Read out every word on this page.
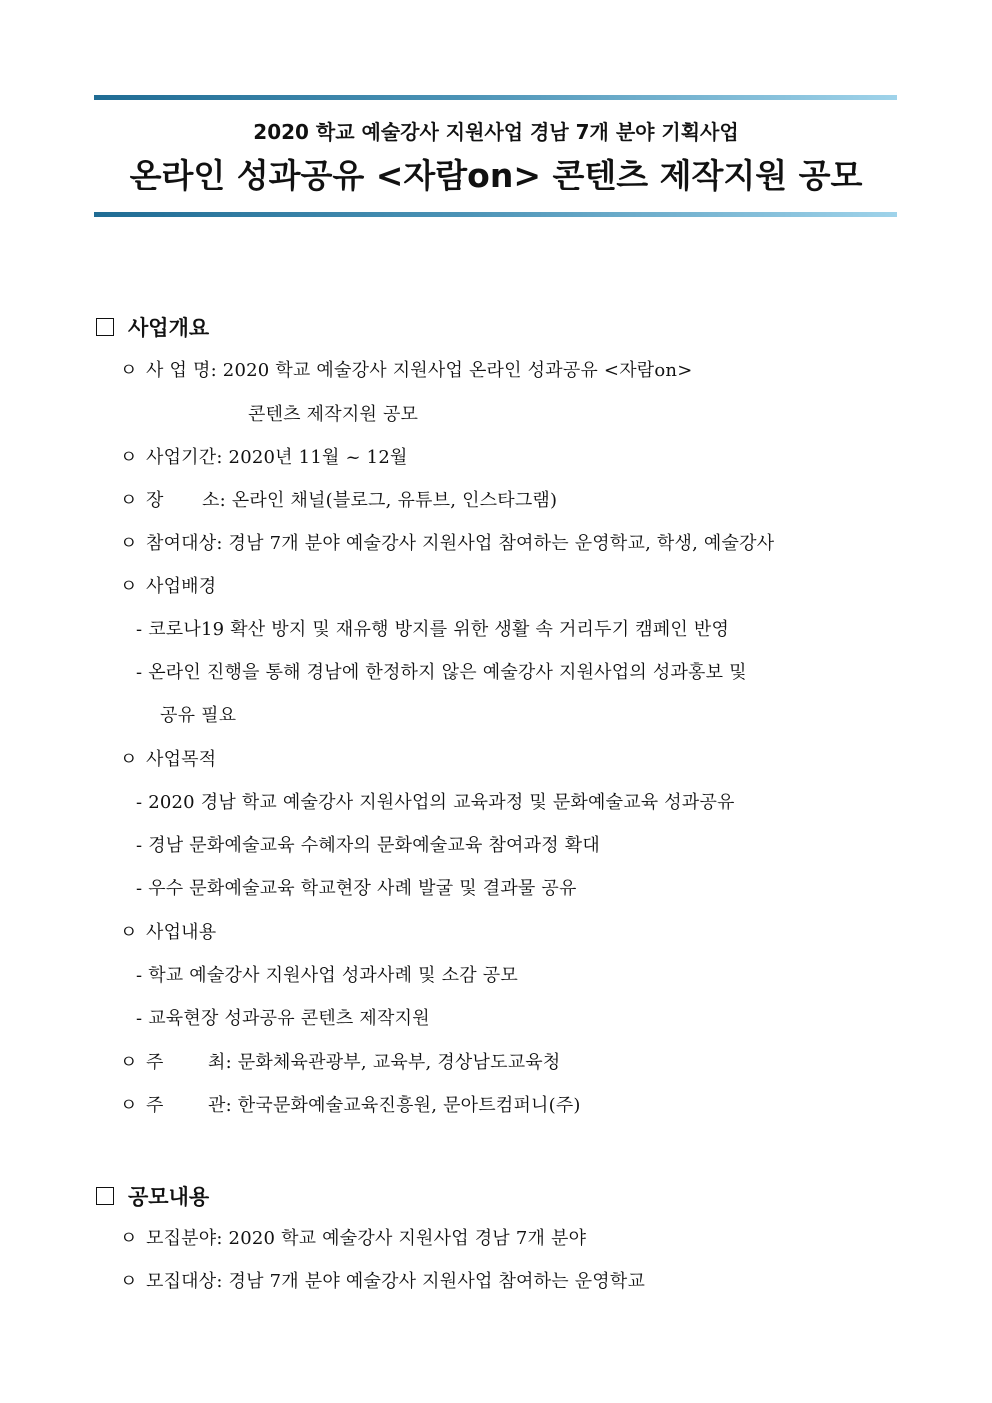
2020 학교 예술강사 지원사업 경남 7개 분야 기획사업
온라인 성과공유 <자람on> 콘텐츠 제작지원 공모
사업개요
ㅇ 사 업 명: 2020 학교 예술강사 지원사업 온라인 성과공유 <자람on>
콘텐츠 제작지원 공모
ㅇ 사업기간: 2020년 11월 ~ 12월
ㅇ 장 소: 온라인 채널(블로그, 유튜브, 인스타그램)
ㅇ 참여대상: 경남 7개 분야 예술강사 지원사업 참여하는 운영학교, 학생, 예술강사
ㅇ 사업배경
- 코로나19 확산 방지 및 재유행 방지를 위한 생활 속 거리두기 캠페인 반영
- 온라인 진행을 통해 경남에 한정하지 않은 예술강사 지원사업의 성과홍보 및
공유 필요
ㅇ 사업목적
- 2020 경남 학교 예술강사 지원사업의 교육과정 및 문화예술교육 성과공유
- 경남 문화예술교육 수혜자의 문화예술교육 참여과정 확대
- 우수 문화예술교육 학교현장 사례 발굴 및 결과물 공유
ㅇ 사업내용
- 학교 예술강사 지원사업 성과사례 및 소감 공모
- 교육현장 성과공유 콘텐츠 제작지원
ㅇ 주 최: 문화체육관광부, 교육부, 경상남도교육청
ㅇ 주 관: 한국문화예술교육진흥원, 문아트컴퍼니(주)
공모내용
ㅇ 모집분야: 2020 학교 예술강사 지원사업 경남 7개 분야
ㅇ 모집대상: 경남 7개 분야 예술강사 지원사업 참여하는 운영학교
